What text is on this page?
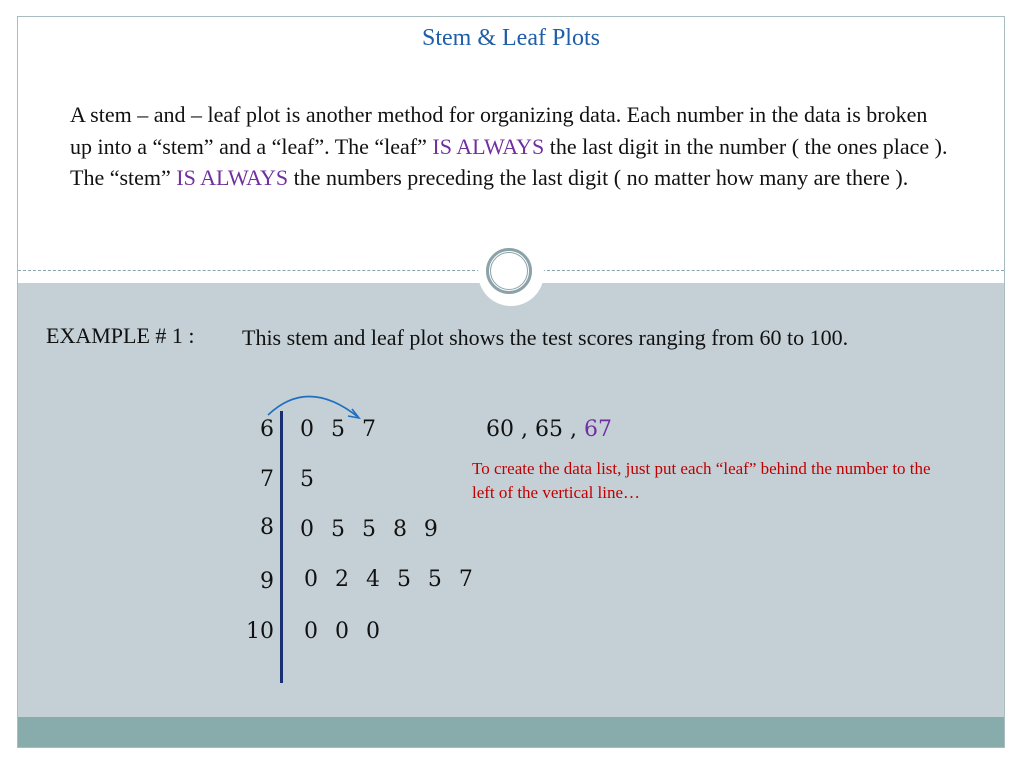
Stem & Leaf Plots
A stem – and – leaf plot is another method for organizing data. Each number in the data is broken up into a “stem” and a “leaf”. The “leaf” IS ALWAYS the last digit in the number ( the ones place ). The “stem” IS ALWAYS the numbers preceding the last digit ( no matter how many are there ).
EXAMPLE # 1 : This stem and leaf plot shows the test scores ranging from 60 to 100.
6 0  5  7
7 5
8 0  5  5  8  9
9 0  2  4  5  5  7
10 0  0  0
60 , 65 , 67
To create the data list, just put each “leaf” behind the number to the left of the vertical line…
